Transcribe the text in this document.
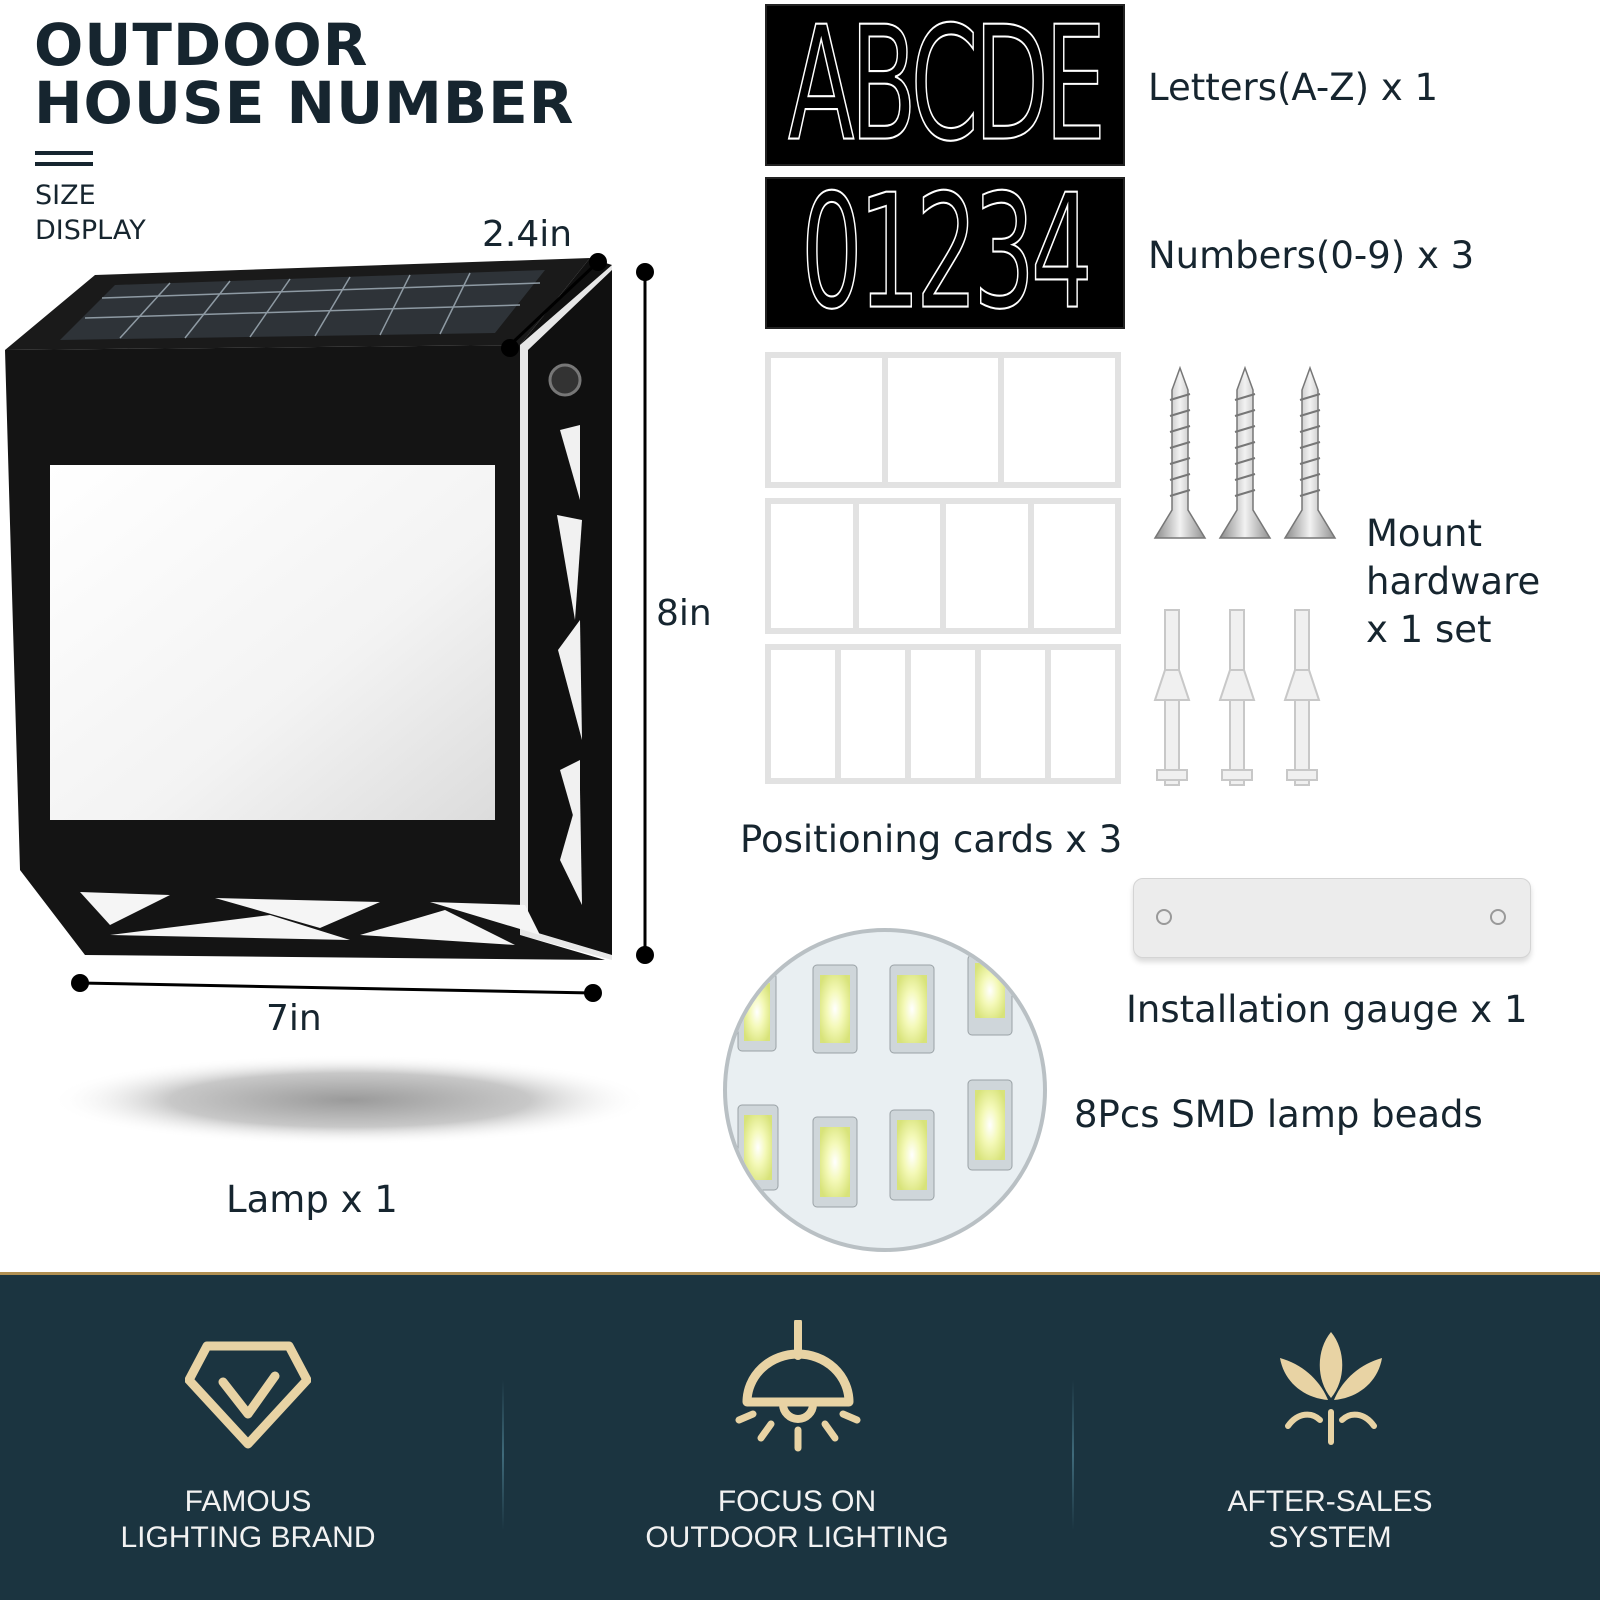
OUTDOOR
HOUSE NUMBER
SIZE
DISPLAY	2.4in
8in
7in
Lamp x 1
ABCDE Letters(A-Z) x 1
01234 Numbers(0-9) x 3
Positioning cards x 3
Mount
hardware
x 1 set
Installation gauge x 1
8Pcs SMD lamp beads
FAMOUS
LIGHTING BRAND
FOCUS ON
OUTDOOR LIGHTING
AFTER-SALES
SYSTEM
